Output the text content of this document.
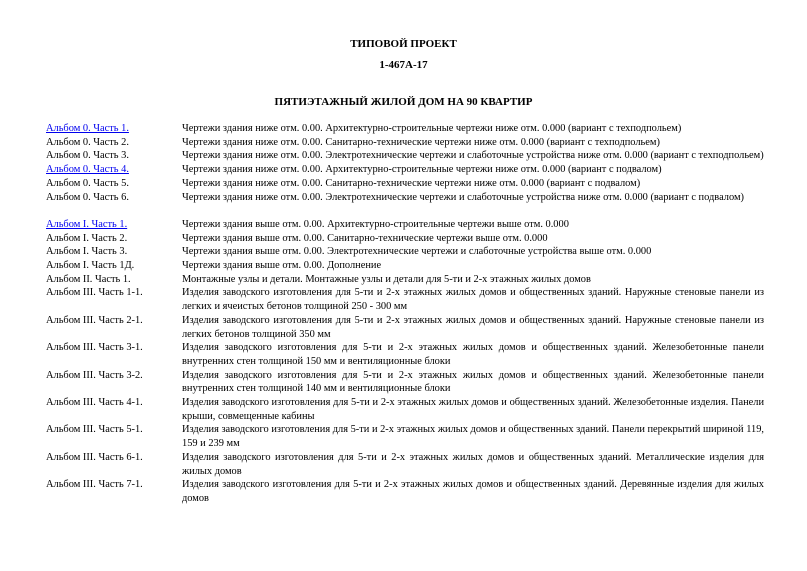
ТИПОВОЙ ПРОЕКТ
1-467А-17
ПЯТИЭТАЖНЫЙ ЖИЛОЙ ДОМ НА 90 КВАРТИР
Альбом 0. Часть 1.	Чертежи здания ниже отм. 0.00. Архитектурно-строительные чертежи ниже отм. 0.000 (вариант с техподпольем)
Альбом 0. Часть 2.	Чертежи здания ниже отм. 0.00. Санитарно-технические чертежи ниже отм. 0.000 (вариант с техподпольем)
Альбом 0. Часть 3.	Чертежи здания ниже отм. 0.00. Электротехнические чертежи и слаботочные устройства ниже отм. 0.000 (вариант с техподпольем)
Альбом 0. Часть 4.	Чертежи здания ниже отм. 0.00. Архитектурно-строительные чертежи ниже отм. 0.000 (вариант с подвалом)
Альбом 0. Часть 5.	Чертежи здания ниже отм. 0.00. Санитарно-технические чертежи ниже отм. 0.000 (вариант с подвалом)
Альбом 0. Часть 6.	Чертежи здания ниже отм. 0.00. Электротехнические чертежи и слаботочные устройства ниже отм. 0.000 (вариант с подвалом)
Альбом I. Часть 1.	Чертежи здания выше отм. 0.00. Архитектурно-строительные чертежи выше отм. 0.000
Альбом I. Часть 2.	Чертежи здания выше отм. 0.00. Санитарно-технические чертежи выше отм. 0.000
Альбом I. Часть 3.	Чертежи здания выше отм. 0.00. Электротехнические чертежи и слаботочные устройства выше отм. 0.000
Альбом I. Часть 1Д.	Чертежи здания выше отм. 0.00. Дополнение
Альбом II. Часть 1.	Монтажные узлы и детали. Монтажные узлы и детали для 5-ти и 2-х этажных жилых домов
Альбом III. Часть 1-1.	Изделия заводского изготовления для 5-ти и 2-х этажных жилых домов и общественных зданий. Наружные стеновые панели из легких и ячеистых бетонов толщиной 250 - 300 мм
Альбом III. Часть 2-1.	Изделия заводского изготовления для 5-ти и 2-х этажных жилых домов и общественных зданий. Наружные стеновые панели из легких бетонов толщиной 350 мм
Альбом III. Часть 3-1.	Изделия заводского изготовления для 5-ти и 2-х этажных жилых домов и общественных зданий. Железобетонные панели внутренних стен толщиной 150 мм и вентиляционные блоки
Альбом III. Часть 3-2.	Изделия заводского изготовления для 5-ти и 2-х этажных жилых домов и общественных зданий. Железобетонные панели внутренних стен толщиной 140 мм и вентиляционные блоки
Альбом III. Часть 4-1.	Изделия заводского изготовления для 5-ти и 2-х этажных жилых домов и общественных зданий. Железобетонные изделия. Панели крыши, совмещенные кабины
Альбом III. Часть 5-1.	Изделия заводского изготовления для 5-ти и 2-х этажных жилых домов и общественных зданий. Панели перекрытий шириной 119, 159 и 239 мм
Альбом III. Часть 6-1.	Изделия заводского изготовления для 5-ти и 2-х этажных жилых домов и общественных зданий. Металлические изделия для жилых домов
Альбом III. Часть 7-1.	Изделия заводского изготовления для 5-ти и 2-х этажных жилых домов и общественных зданий. Деревянные изделия для жилых домов
